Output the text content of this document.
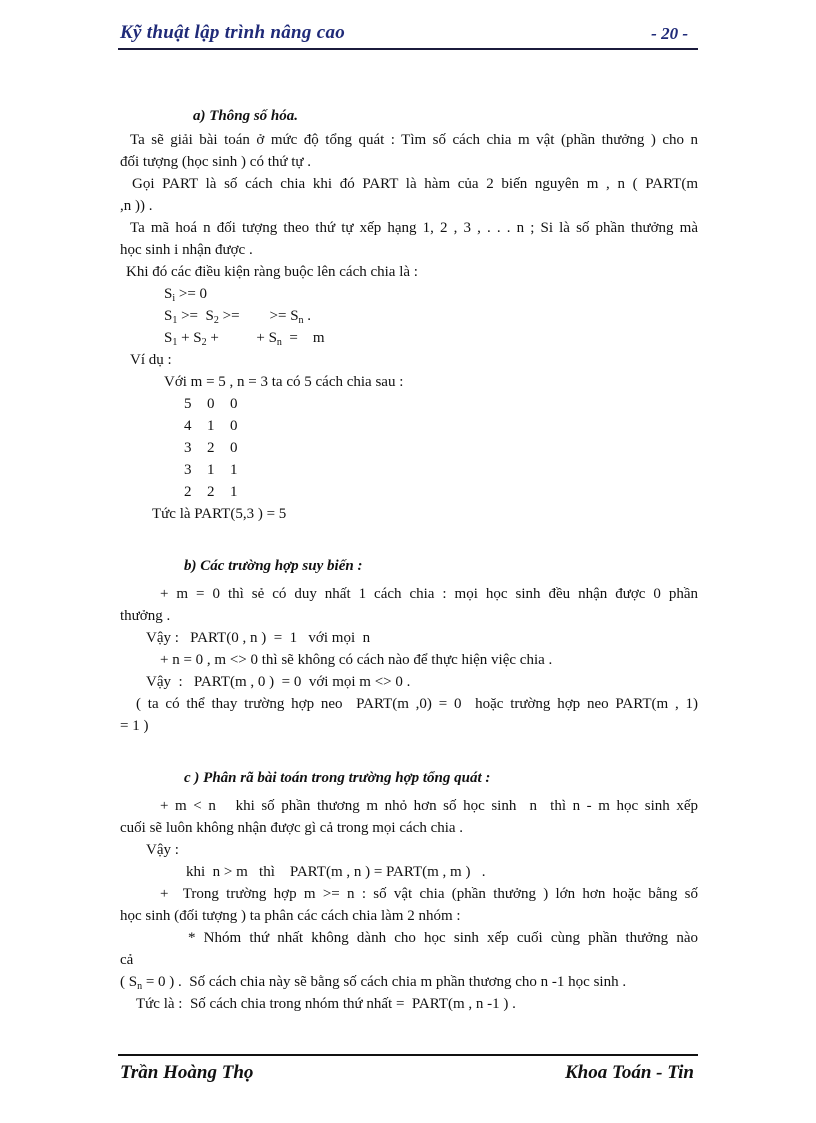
Kỹ thuật lập trình nâng cao	- 20 -
a) Thông số hóa.
Ta sẽ giải bài toán ở mức độ tổng quát : Tìm số cách chia m vật (phần thưởng ) cho n
đối tượng (học sinh ) có thứ tự .
Gọi PART là số cách chia khi đó PART là hàm của 2 biến nguyên m , n ( PART(m
,n )) .
Ta mã hoá n đối tượng theo thứ tự xếp hạng 1, 2 , 3 , . . . n ; Si là số phần thưởng mà
học sinh i nhận được .
Khi đó các điều kiện ràng buộc lên cách chia là :
$S_i >= 0$
$S_1 >= S_2$ >=        >= $S_n$ .
$S_1 + S_2$ +          + $S_n$  =    m
Ví dụ :
Với m = 5 , n = 3 ta có 5 cách chia sau :
5 0 0
4 1 0
3 2 0
3 1 1
2 2 1
Tức là PART(5,3 ) = 5
b) Các trường hợp suy biến :
+ m = 0 thì sẻ có duy nhất 1 cách chia : mọi học sinh đều nhận được 0 phần
thưởng .
Vậy :   PART(0 , n )  =  1   với mọi  n
+ n = 0 , m <> 0 thì sẽ không có cách nào để thực hiện việc chia .
Vậy  :   PART(m , 0 )  = 0  với mọi m <> 0 .
( ta có thể thay trường hợp neo  PART(m ,0) = 0  hoặc trường hợp neo PART(m , 1)
= 1 )
c ) Phân rã bài toán trong trường hợp tổng quát :
+ m < n   khi số phần thương m nhỏ hơn số học sinh  n  thì n - m học sinh xếp
cuối sẽ luôn không nhận được gì cả trong mọi cách chia .
Vậy :
khi  n > m   thì    PART(m , n ) = PART(m , m )   .
+  Trong trường hợp m >= n : số vật chia (phần thưởng ) lớn hơn hoặc bằng số
học sinh (đối tượng ) ta phân các cách chia làm 2 nhóm :
* Nhóm thứ nhất không dành cho học sinh xếp cuối cùng phần thưởng nào
cả
( $S_n = 0$ ) .  Số cách chia này sẽ bằng số cách chia m phần thương cho n -1 học sinh .
Tức là :  Số cách chia trong nhóm thứ nhất =  PART(m , n -1 ) .
Trần Hoàng Thọ	Khoa Toán - Tin
